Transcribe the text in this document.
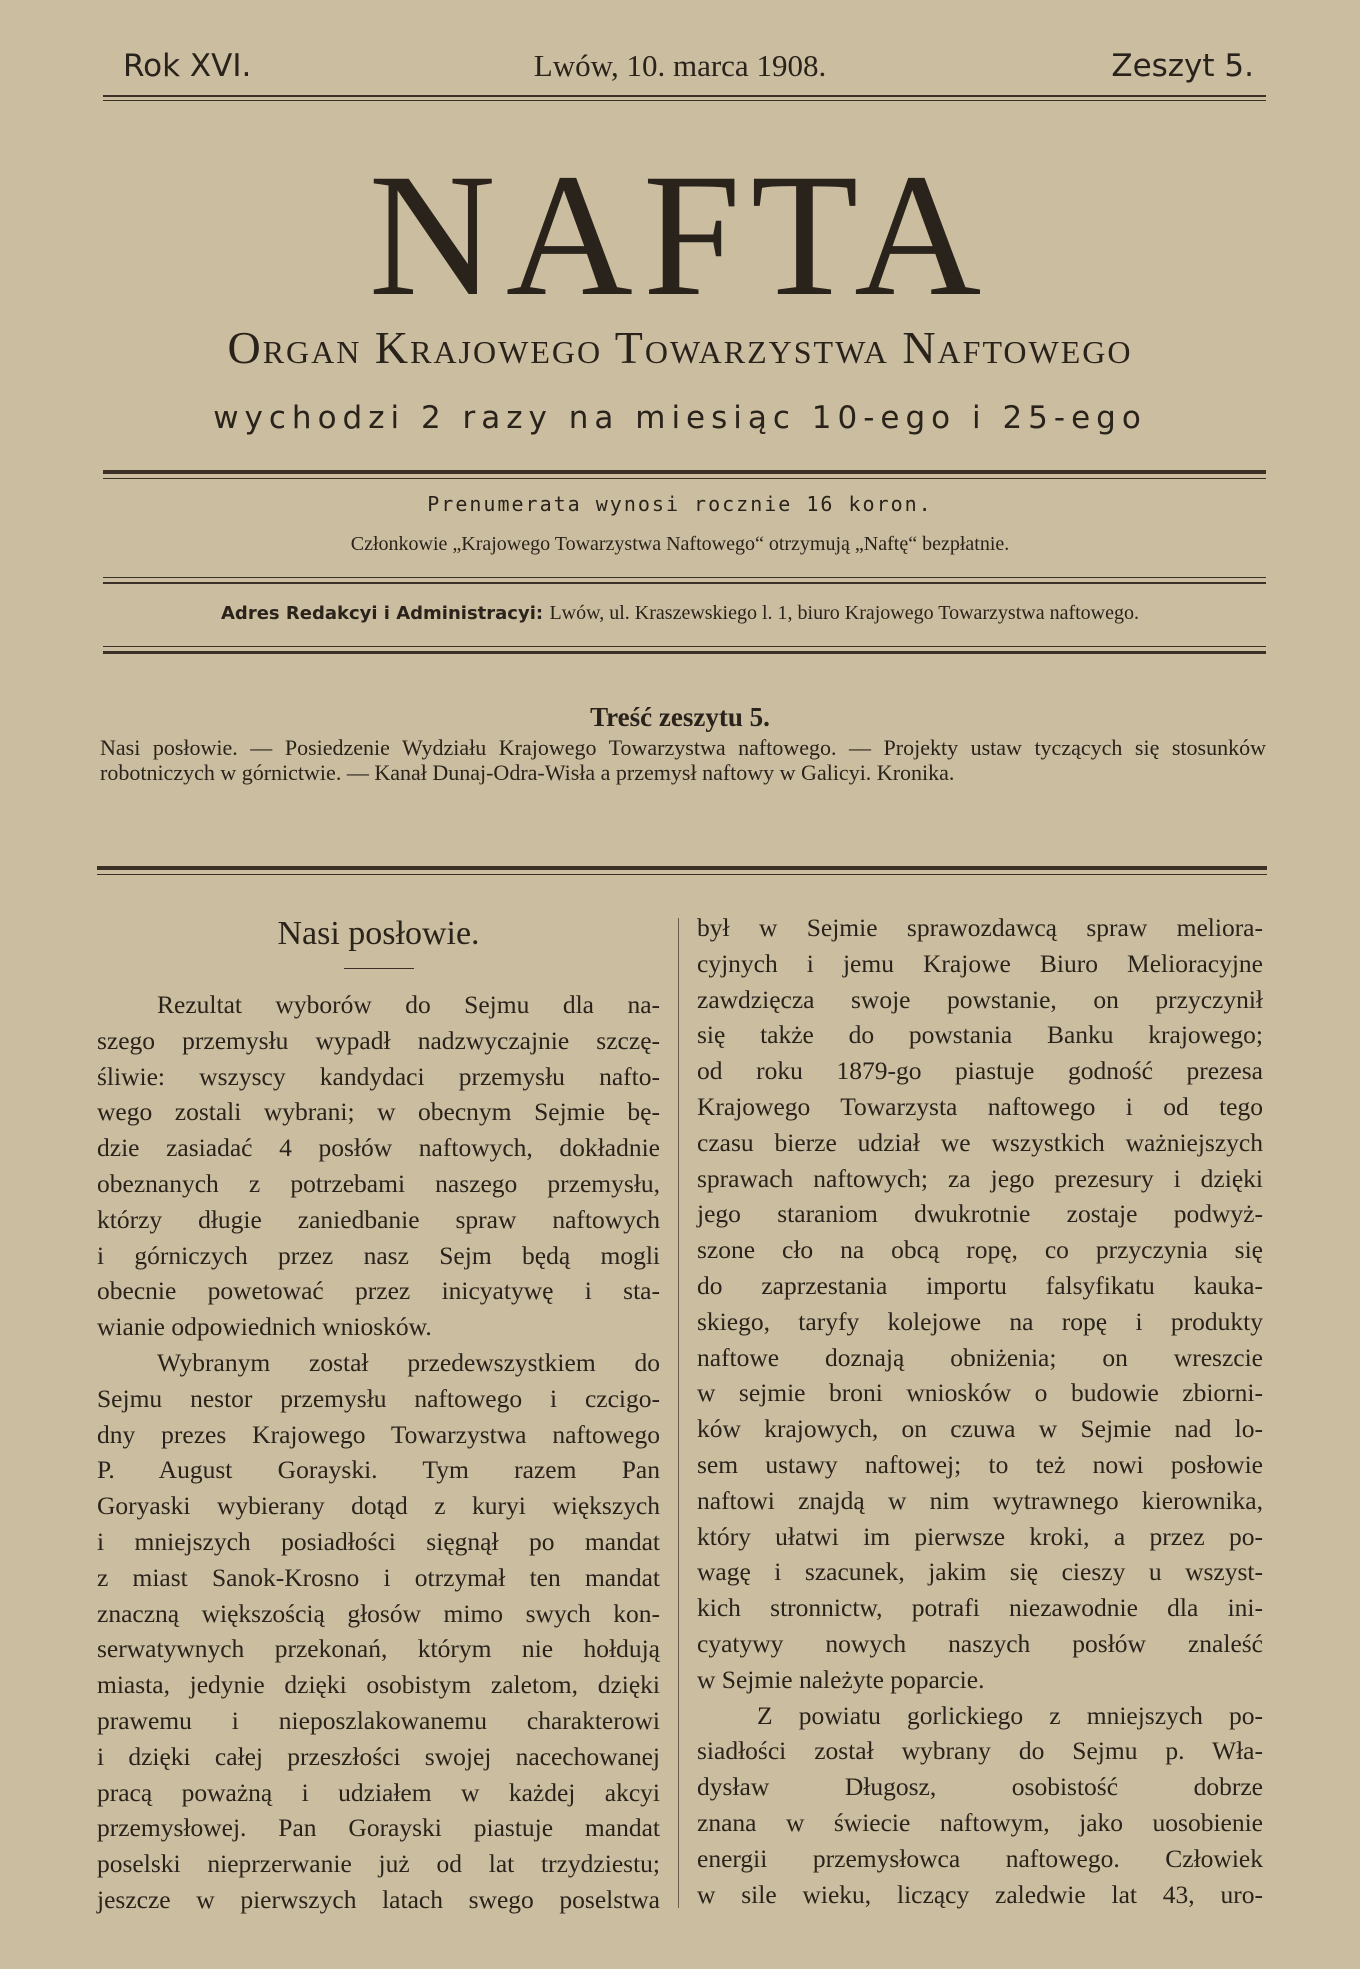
Rok XVI.	Lwów, 10. marca 1908.	Zeszyt 5.
NAFTA
Organ Krajowego Towarzystwa Naftowego
wychodzi 2 razy na miesiąc 10-ego i 25-ego
Prenumerata wynosi rocznie 16 koron.
Członkowie „Krajowego Towarzystwa Naftowego“ otrzymują „Naftę“ bezpłatnie.
Adres Redakcyi i Administracyi: Lwów, ul. Kraszewskiego l. 1, biuro Krajowego Towarzystwa naftowego.
Treść zeszytu 5.
Nasi posłowie. — Posiedzenie Wydziału Krajowego Towarzystwa naftowego. — Projekty ustaw tyczących się stosunków robotniczych w górnictwie. — Kanał Dunaj-Odra-Wisła a przemysł naftowy w Galicyi. Kronika.
Nasi posłowie.
Rezultat wyborów do Sejmu dla na-
szego przemysłu wypadł nadzwyczajnie szczę-
śliwie: wszyscy kandydaci przemysłu nafto-
wego zostali wybrani; w obecnym Sejmie bę-
dzie zasiadać 4 posłów naftowych, dokładnie
obeznanych z potrzebami naszego przemysłu,
którzy długie zaniedbanie spraw naftowych
i górniczych przez nasz Sejm będą mogli
obecnie powetować przez inicyatywę i sta-
wianie odpowiednich wniosków.
Wybranym został przedewszystkiem do
Sejmu nestor przemysłu naftowego i czcigo-
dny prezes Krajowego Towarzystwa naftowego
P. August Gorayski. Tym razem Pan
Goryaski wybierany dotąd z kuryi większych
i mniejszych posiadłości sięgnął po mandat
z miast Sanok-Krosno i otrzymał ten mandat
znaczną większością głosów mimo swych kon-
serwatywnych przekonań, którym nie hołdują
miasta, jedynie dzięki osobistym zaletom, dzięki
prawemu i nieposzlakowanemu charakterowi
i dzięki całej przeszłości swojej nacechowanej
pracą poważną i udziałem w każdej akcyi
przemysłowej. Pan Gorayski piastuje mandat
poselski nieprzerwanie już od lat trzydziestu;
jeszcze w pierwszych latach swego poselstwa
był w Sejmie sprawozdawcą spraw meliora-
cyjnych i jemu Krajowe Biuro Melioracyjne
zawdzięcza swoje powstanie, on przyczynił
się także do powstania Banku krajowego;
od roku 1879-go piastuje godność prezesa
Krajowego Towarzysta naftowego i od tego
czasu bierze udział we wszystkich ważniejszych
sprawach naftowych; za jego prezesury i dzięki
jego staraniom dwukrotnie zostaje podwyż-
szone cło na obcą ropę, co przyczynia się
do zaprzestania importu falsyfikatu kauka-
skiego, taryfy kolejowe na ropę i produkty
naftowe doznają obniżenia; on wreszcie
w sejmie broni wniosków o budowie zbiorni-
ków krajowych, on czuwa w Sejmie nad lo-
sem ustawy naftowej; to też nowi posłowie
naftowi znajdą w nim wytrawnego kierownika,
który ułatwi im pierwsze kroki, a przez po-
wagę i szacunek, jakim się cieszy u wszyst-
kich stronnictw, potrafi niezawodnie dla ini-
cyatywy nowych naszych posłów znaleść
w Sejmie należyte poparcie.
Z powiatu gorlickiego z mniejszych po-
siadłości został wybrany do Sejmu p. Wła-
dysław Długosz, osobistość dobrze
znana w świecie naftowym, jako uosobienie
energii przemysłowca naftowego. Człowiek
w sile wieku, liczący zaledwie lat 43, uro-
